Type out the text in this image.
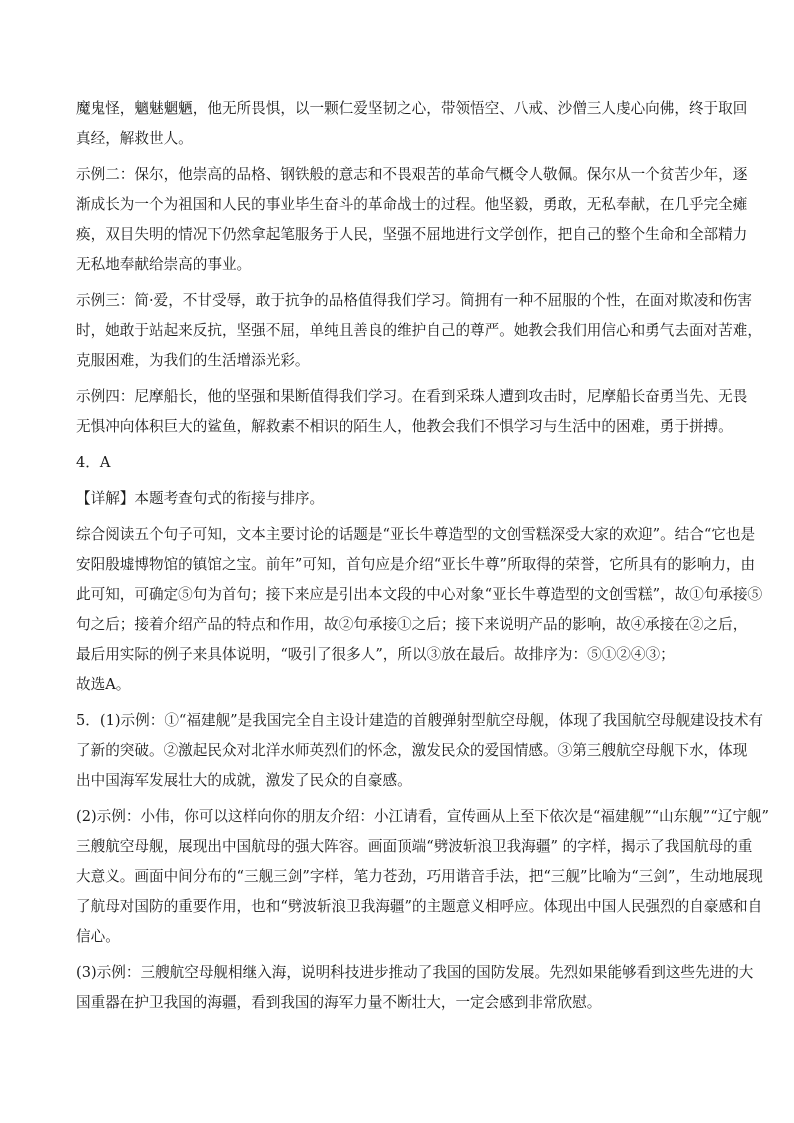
魔鬼怪，魑魅魍魉，他无所畏惧，以一颗仁爱坚韧之心，带领悟空、八戒、沙僧三人虔心向佛，终于取回

真经，解救世人。

示例二：保尔，他崇高的品格、钢铁般的意志和不畏艰苦的革命气概令人敬佩。保尔从一个贫苦少年，逐

渐成长为一个为祖国和人民的事业毕生奋斗的革命战士的过程。他坚毅，勇敢，无私奉献，在几乎完全瘫

痪，双目失明的情况下仍然拿起笔服务于人民，坚强不屈地进行文学创作，把自己的整个生命和全部精力

无私地奉献给崇高的事业。

示例三：简·爱，不甘受辱，敢于抗争的品格值得我们学习。简拥有一种不屈服的个性，在面对欺凌和伤害

时，她敢于站起来反抗，坚强不屈，单纯且善良的维护自己的尊严。她教会我们用信心和勇气去面对苦难，

克服困难，为我们的生活增添光彩。

示例四：尼摩船长，他的坚强和果断值得我们学习。在看到采珠人遭到攻击时，尼摩船长奋勇当先、无畏

无惧冲向体积巨大的鲨鱼，解救素不相识的陌生人，他教会我们不惧学习与生活中的困难，勇于拼搏。

4．A

【详解】本题考查句式的衔接与排序。

综合阅读五个句子可知，文本主要讨论的话题是“亚长牛尊造型的文创雪糕深受大家的欢迎”。结合“它也是

安阳殷墟博物馆的镇馆之宝。前年”可知，首句应是介绍“亚长牛尊”所取得的荣誉，它所具有的影响力，由

此可知，可确定⑤句为首句；接下来应是引出本文段的中心对象“亚长牛尊造型的文创雪糕”，故①句承接⑤

句之后；接着介绍产品的特点和作用，故②句承接①之后；接下来说明产品的影响，故④承接在②之后，

最后用实际的例子来具体说明，“吸引了很多人”，所以③放在最后。故排序为：⑤①②④③；

故选A。

5．(1)示例：①“福建舰”是我国完全自主设计建造的首艘弹射型航空母舰，体现了我国航空母舰建设技术有

了新的突破。②激起民众对北洋水师英烈们的怀念，激发民众的爱国情感。③第三艘航空母舰下水，体现

出中国海军发展壮大的成就，激发了民众的自豪感。

(2)示例：小伟，你可以这样向你的朋友介绍：小江请看，宣传画从上至下依次是“福建舰”“山东舰”“辽宁舰”

三艘航空母舰，展现出中国航母的强大阵容。画面顶端“劈波斩浪卫我海疆” 的字样，揭示了我国航母的重

大意义。画面中间分布的“三舰三剑”字样，笔力苍劲，巧用谐音手法，把“三舰”比喻为“三剑”，生动地展现

了航母对国防的重要作用，也和“劈波斩浪卫我海疆”的主题意义相呼应。体现出中国人民强烈的自豪感和自

信心。

(3)示例：三艘航空母舰相继入海，说明科技进步推动了我国的国防发展。先烈如果能够看到这些先进的大

国重器在护卫我国的海疆，看到我国的海军力量不断壮大，一定会感到非常欣慰。
